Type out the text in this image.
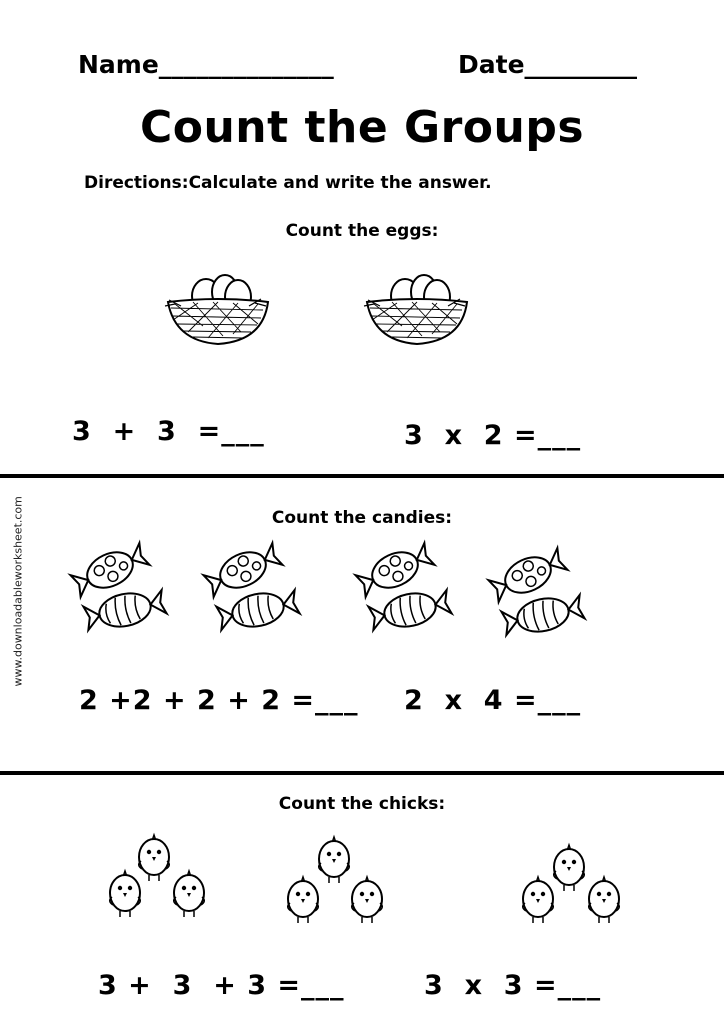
Name______________	Date_________
Count the Groups
Directions:Calculate and write the answer.
www.downloadableworksheet.com
Count the eggs:
3  +  3  =___	3  x  2 =___
Count the candies:
2 +2 + 2 + 2 =___ 2  x  4 =___
Count the chicks:
3 +  3  + 3 =___	3  x  3 =___
